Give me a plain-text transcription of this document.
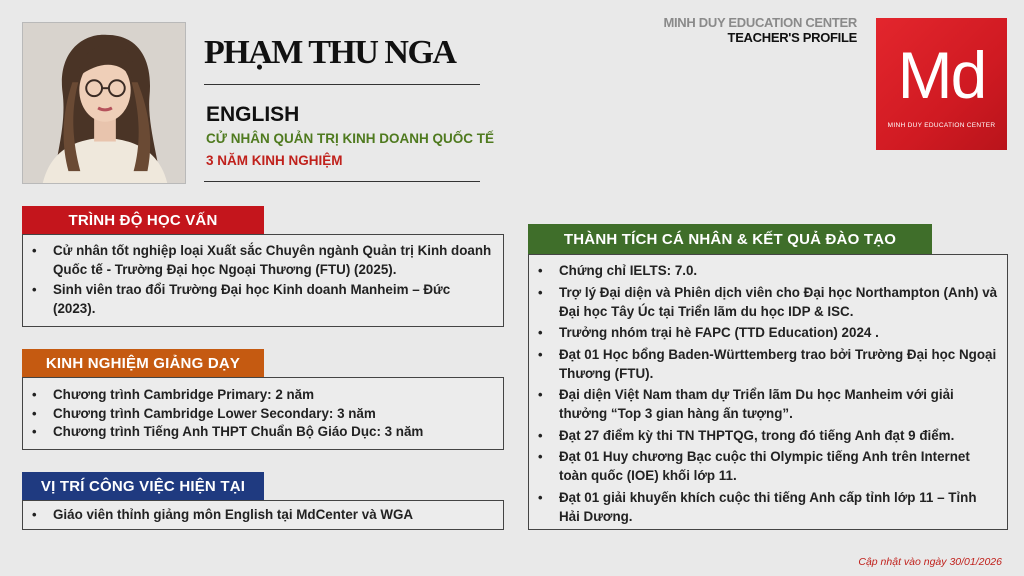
PHẠM THU NGA
ENGLISH
CỬ NHÂN QUẢN TRỊ KINH DOANH QUỐC TẾ
3 NĂM KINH NGHIỆM
MINH DUY EDUCATION CENTER
TEACHER'S PROFILE
Md
MINH DUY EDUCATION CENTER
TRÌNH ĐỘ HỌC VẤN
• Cử nhân tốt nghiệp loại Xuất sắc Chuyên ngành Quản trị Kinh doanh Quốc tế - Trường Đại học Ngoại Thương (FTU) (2025).
• Sinh viên trao đổi Trường Đại học Kinh doanh Manheim – Đức (2023).
KINH NGHIỆM GIẢNG DẠY
• Chương trình Cambridge Primary: 2 năm
• Chương trình Cambridge Lower Secondary: 3 năm
• Chương trình Tiếng Anh THPT Chuẩn Bộ Giáo Dục: 3 năm
VỊ TRÍ CÔNG VIỆC HIỆN TẠI
• Giáo viên thỉnh giảng môn English tại MdCenter và WGA
THÀNH TÍCH CÁ NHÂN & KẾT QUẢ ĐÀO TẠO
• Chứng chỉ IELTS: 7.0.
• Trợ lý Đại diện và Phiên dịch viên cho Đại học Northampton (Anh) và Đại học Tây Úc tại Triển lãm du học IDP & ISC.
• Trưởng nhóm trại hè FAPC (TTD Education) 2024 .
• Đạt 01 Học bổng Baden-Württemberg trao bởi Trường Đại học Ngoại Thương (FTU).
• Đại diện Việt Nam tham dự Triển lãm Du học Manheim với giải thưởng “Top 3 gian hàng ấn tượng”.
• Đạt 27 điểm kỳ thi TN THPTQG, trong đó tiếng Anh đạt 9 điểm.
• Đạt 01 Huy chương Bạc cuộc thi Olympic tiếng Anh trên Internet toàn quốc (IOE) khối lớp 11.
• Đạt 01 giải khuyến khích cuộc thi tiếng Anh cấp tỉnh lớp 11 – Tỉnh Hải Dương.
Cập nhật vào ngày 30/01/2026
